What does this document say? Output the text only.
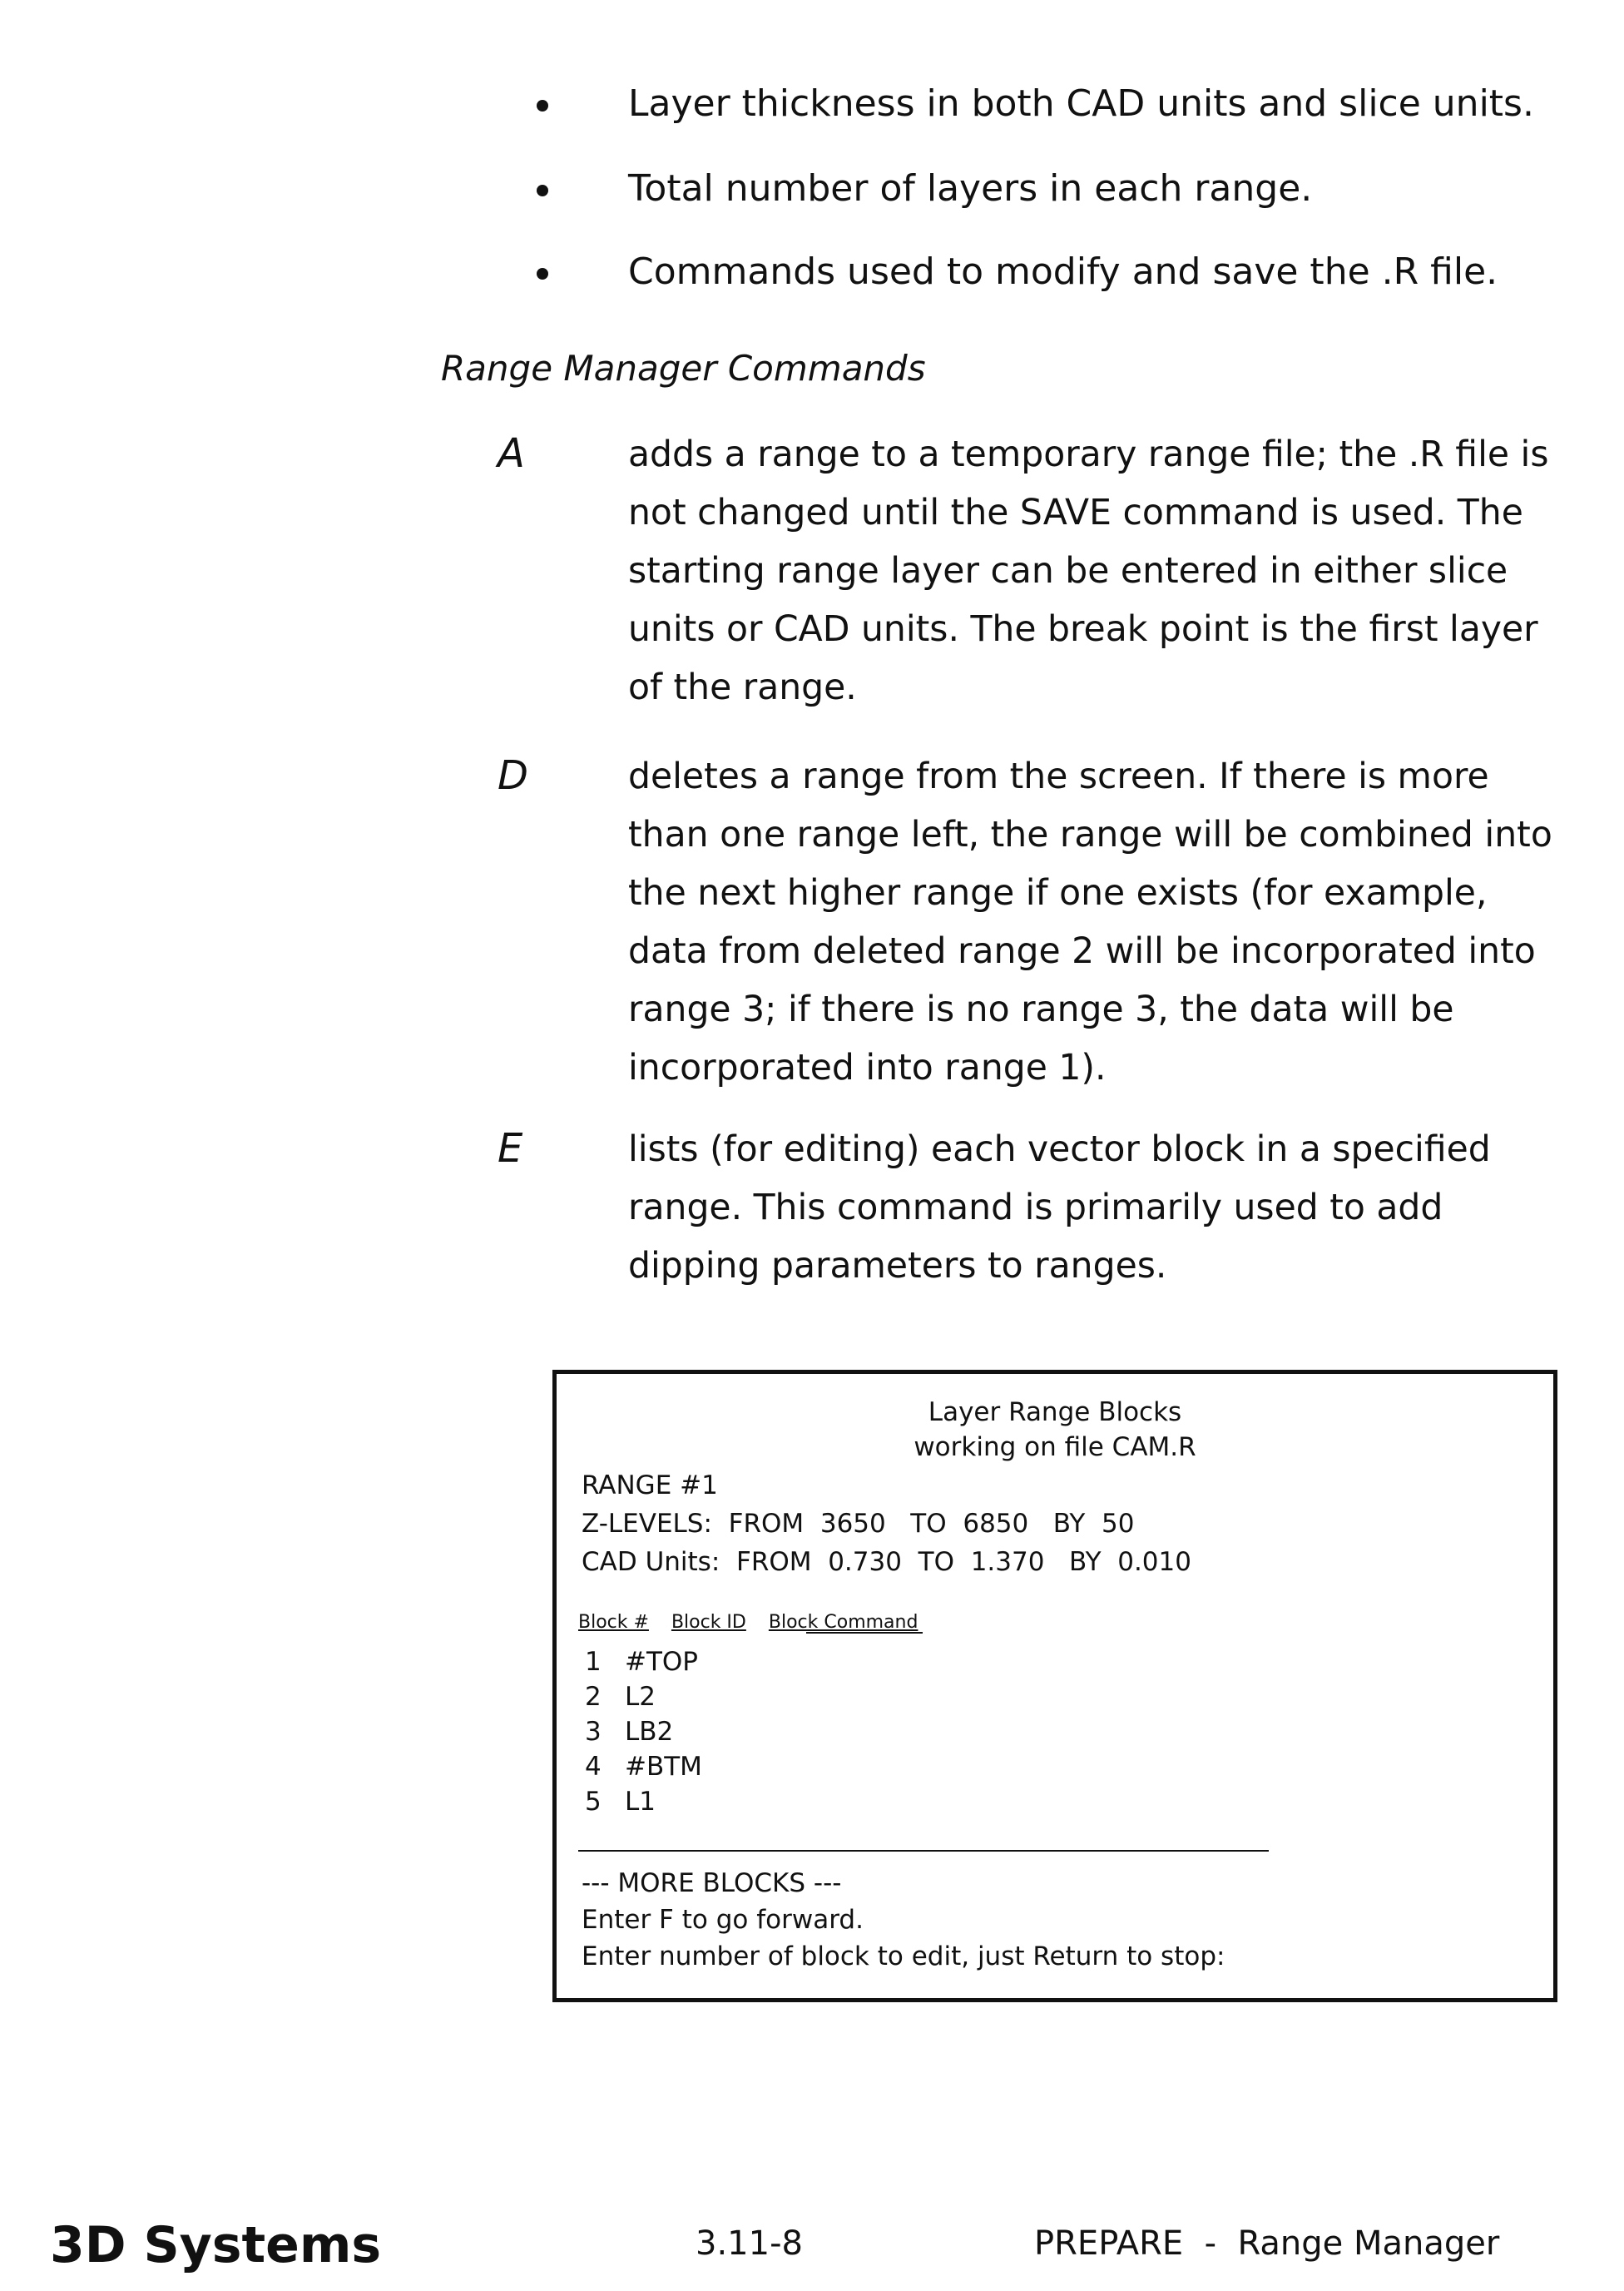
Layer thickness in both CAD units and slice units.
Total number of layers in each range.
Commands used to modify and save the .R file.
Range Manager Commands
A	adds a range to a temporary range file; the .R file is
not changed until the SAVE command is used. The
starting range layer can be entered in either slice
units or CAD units. The break point is the first layer
of the range.
D	deletes a range from the screen. If there is more
than one range left, the range will be combined into
the next higher range if one exists (for example,
data from deleted range 2 will be incorporated into
range 3; if there is no range 3, the data will be
incorporated into range 1).
E	lists (for editing) each vector block in a specified
range. This command is primarily used to add
dipping parameters to ranges.
Layer Range Blocks
working on file CAM.R
RANGE #1
Z-LEVELS:  FROM  3650   TO  6850   BY  50
CAD Units:  FROM  0.730  TO  1.370   BY  0.010
Block # Block ID Block Command
1 #TOP
2 L2
3 LB2
4 #BTM
5 L1
--- MORE BLOCKS ---
Enter F to go forward.
Enter number of block to edit, just Return to stop:
3D Systems	3.11-8	PREPARE  -  Range Manager
